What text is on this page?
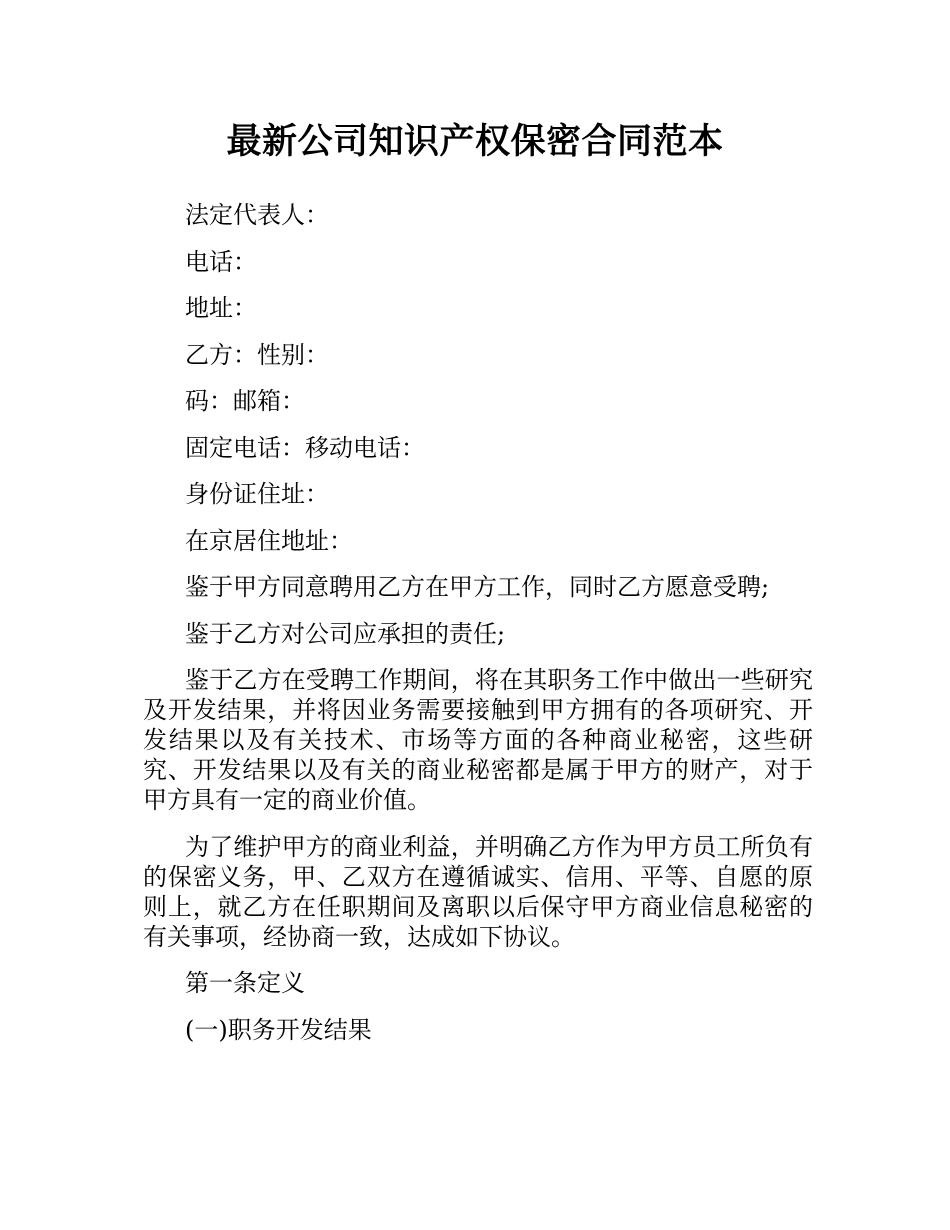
最新公司知识产权保密合同范本

法定代表人：

电话：

地址：

乙方：性别：

码：邮箱：

固定电话：移动电话：

身份证住址：

在京居住地址：

鉴于甲方同意聘用乙方在甲方工作，同时乙方愿意受聘;

鉴于乙方对公司应承担的责任;

鉴于乙方在受聘工作期间，将在其职务工作中做出一些研究及开发结果，并将因业务需要接触到甲方拥有的各项研究、开发结果以及有关技术、市场等方面的各种商业秘密，这些研究、开发结果以及有关的商业秘密都是属于甲方的财产，对于甲方具有一定的商业价值。

为了维护甲方的商业利益，并明确乙方作为甲方员工所负有的保密义务，甲、乙双方在遵循诚实、信用、平等、自愿的原则上，就乙方在任职期间及离职以后保守甲方商业信息秘密的有关事项，经协商一致，达成如下协议。

第一条定义

(一)职务开发结果
